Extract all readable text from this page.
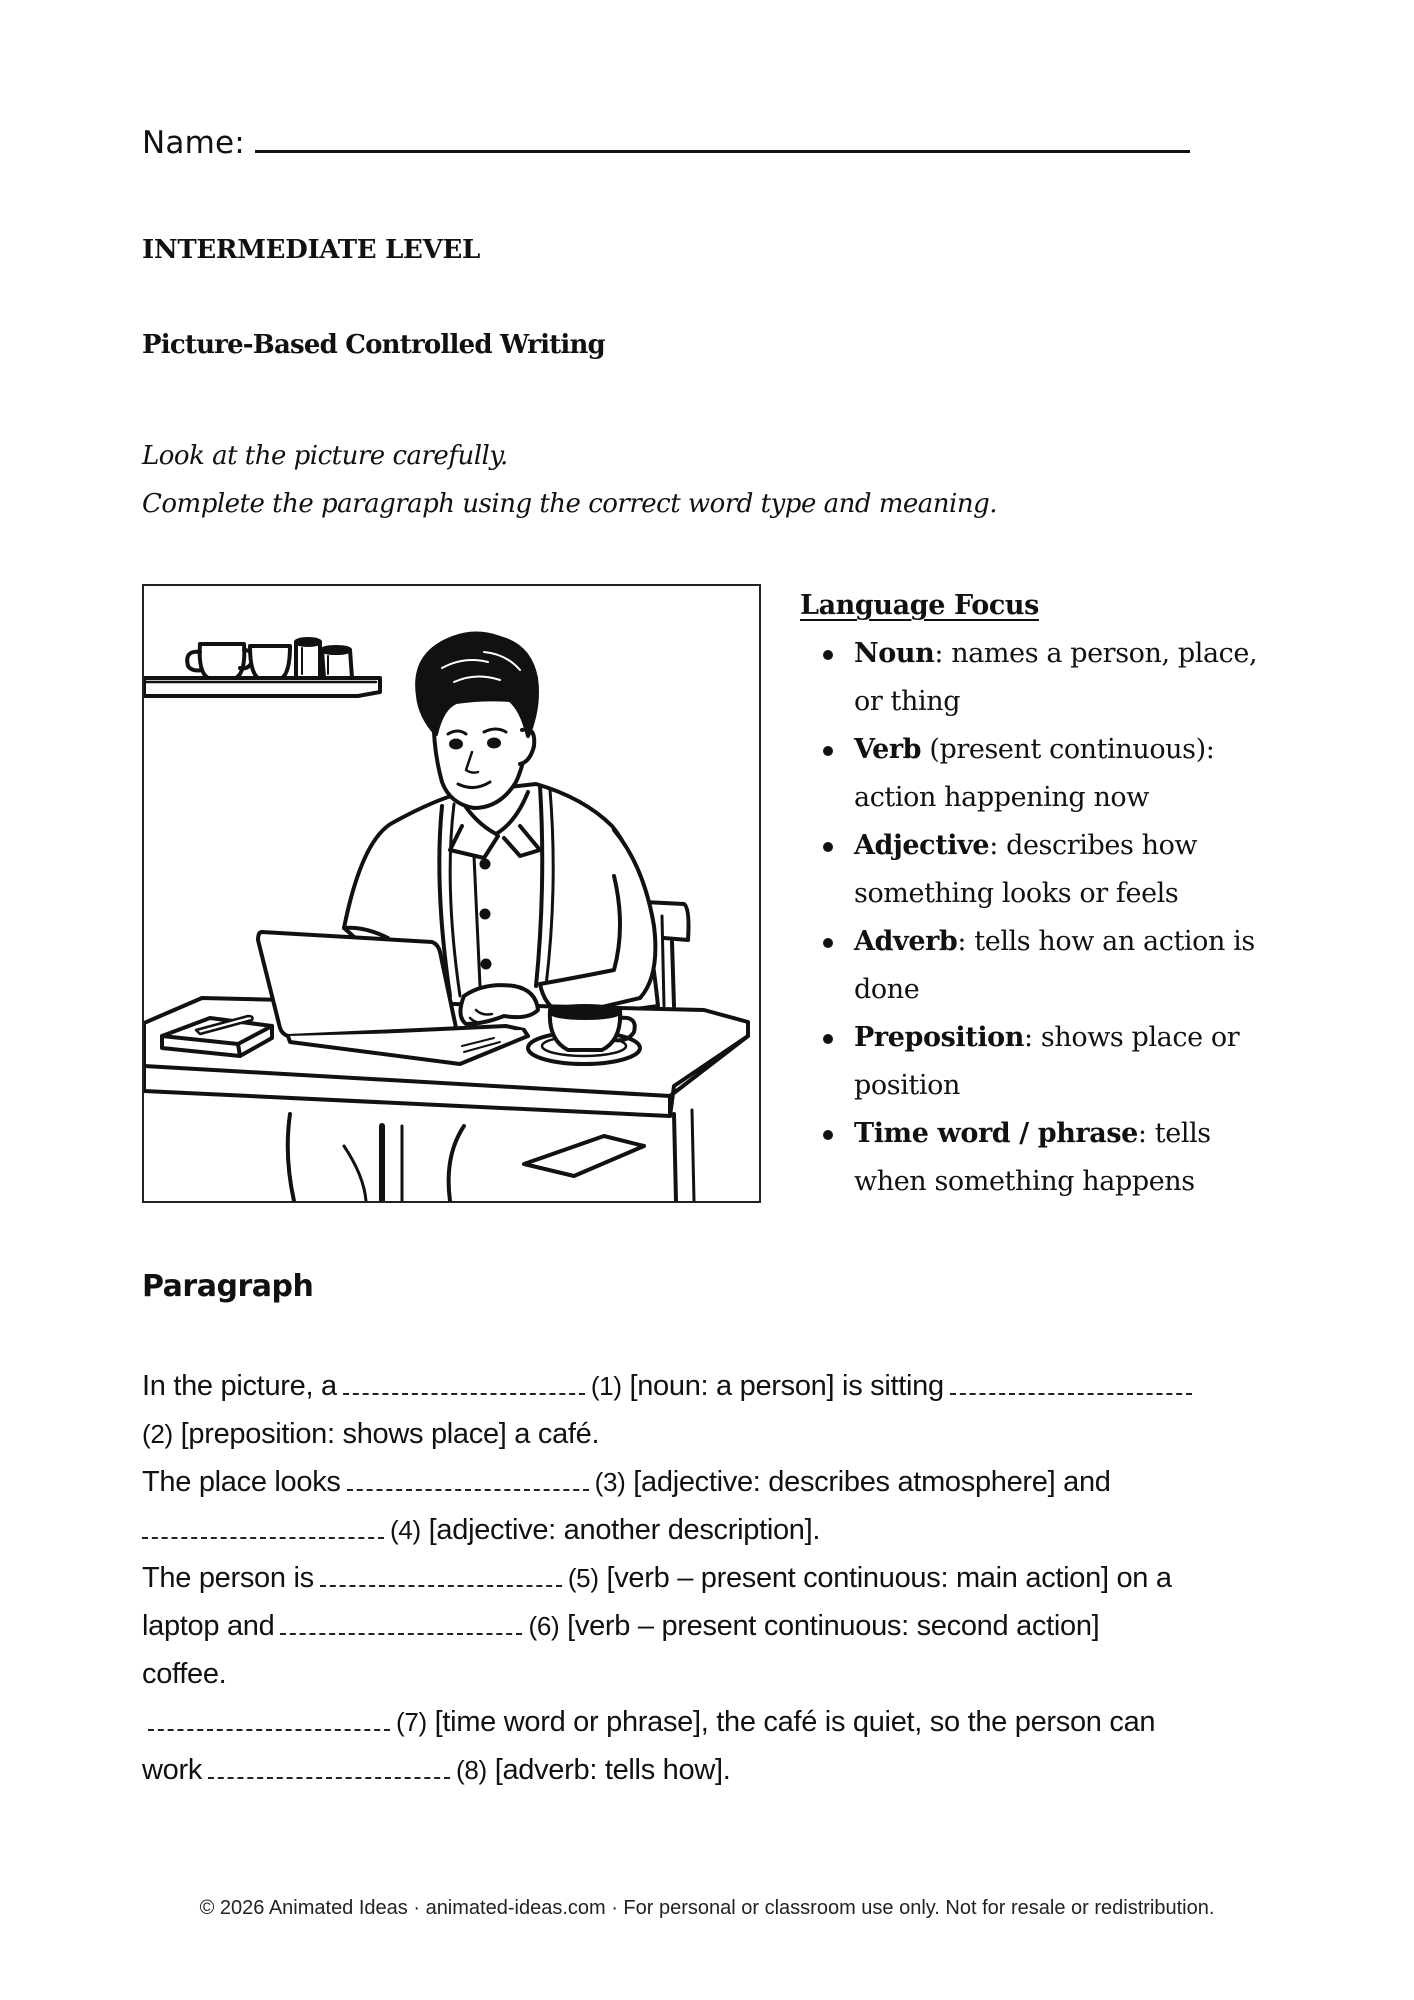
Name:
INTERMEDIATE LEVEL
Picture-Based Controlled Writing
Look at the picture carefully.
Complete the paragraph using the correct word type and meaning.
Language Focus
Noun: names a person, place, or thing
Verb (present continuous): action happening now
Adjective: describes how something looks or feels
Adverb: tells how an action is done
Preposition: shows place or position
Time word / phrase: tells when something happens
Paragraph
In the picture, a	(1) [noun: a person] is sitting
(2) [preposition: shows place] a café.
The place looks	(3) [adjective: describes atmosphere] and
(4) [adjective: another description].
The person is	(5) [verb – present continuous: main action] on a
laptop and	(6) [verb – present continuous: second action]
coffee.
(7) [time word or phrase], the café is quiet, so the person can
work	(8) [adverb: tells how].
© 2026 Animated Ideas · animated-ideas.com · For personal or classroom use only. Not for resale or redistribution.
